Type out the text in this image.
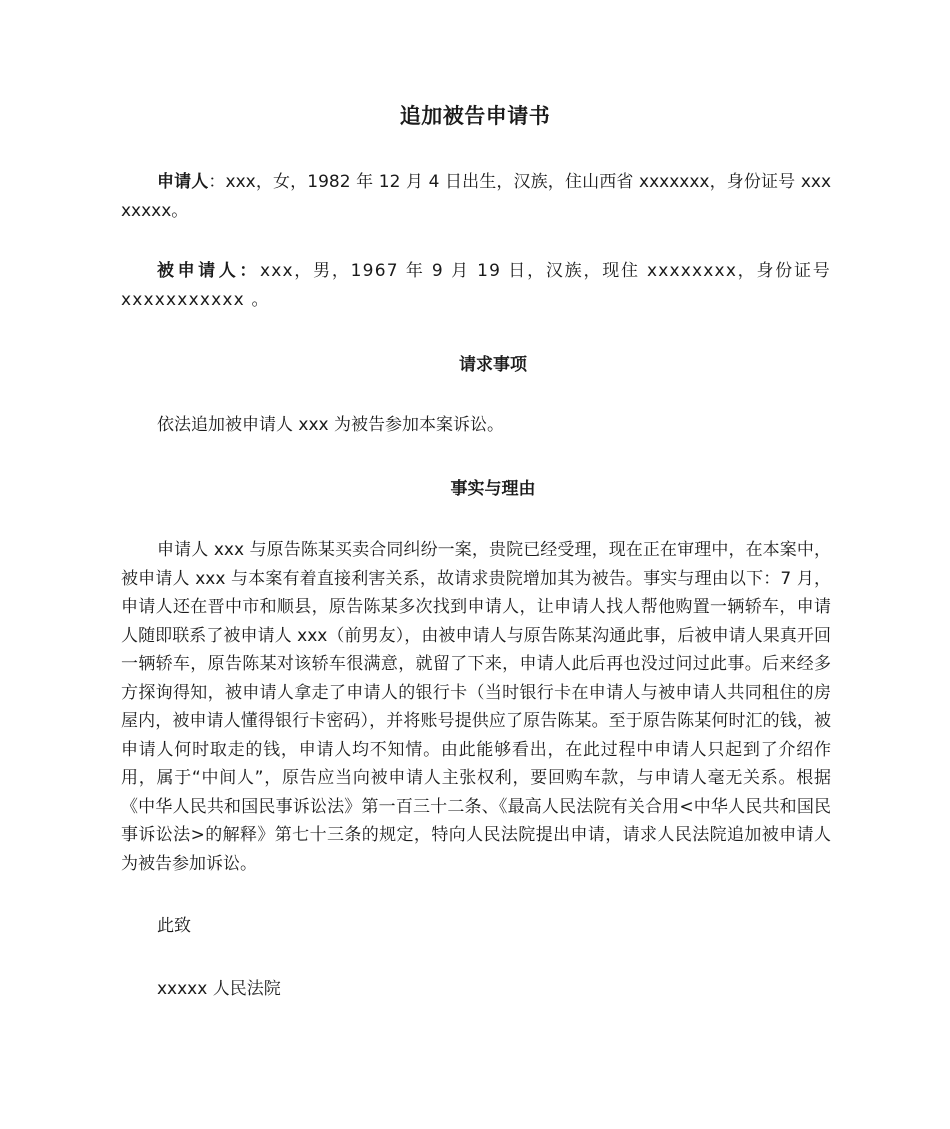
追加被告申请书
申请人：xxx，女，1982 年 12 月 4 日出生，汉族，住山西省 xxxxxxx，身份证号 xxxxxxxx。
被申请人：xxx，男，1967 年 9 月 19 日，汉族，现住 xxxxxxxx，身份证号 xxxxxxxxxxx 。
请求事项
依法追加被申请人 xxx 为被告参加本案诉讼。
事实与理由
申请人 xxx 与原告陈某买卖合同纠纷一案，贵院已经受理，现在正在审理中，在本案中，被申请人 xxx 与本案有着直接利害关系，故请求贵院增加其为被告。事实与理由以下：7 月，申请人还在晋中市和顺县，原告陈某多次找到申请人，让申请人找人帮他购置一辆轿车，申请人随即联系了被申请人 xxx（前男友），由被申请人与原告陈某沟通此事，后被申请人果真开回一辆轿车，原告陈某对该轿车很满意，就留了下来，申请人此后再也没过问过此事。后来经多方探询得知，被申请人拿走了申请人的银行卡（当时银行卡在申请人与被申请人共同租住的房屋内，被申请人懂得银行卡密码），并将账号提供应了原告陈某。至于原告陈某何时汇的钱，被申请人何时取走的钱，申请人均不知情。由此能够看出，在此过程中申请人只起到了介绍作用，属于“中间人”，原告应当向被申请人主张权利，要回购车款，与申请人毫无关系。根据《中华人民共和国民事诉讼法》第一百三十二条、《最高人民法院有关合用<中华人民共和国民事诉讼法>的解释》第七十三条的规定，特向人民法院提出申请，请求人民法院追加被申请人为被告参加诉讼。
此致
xxxxx 人民法院
